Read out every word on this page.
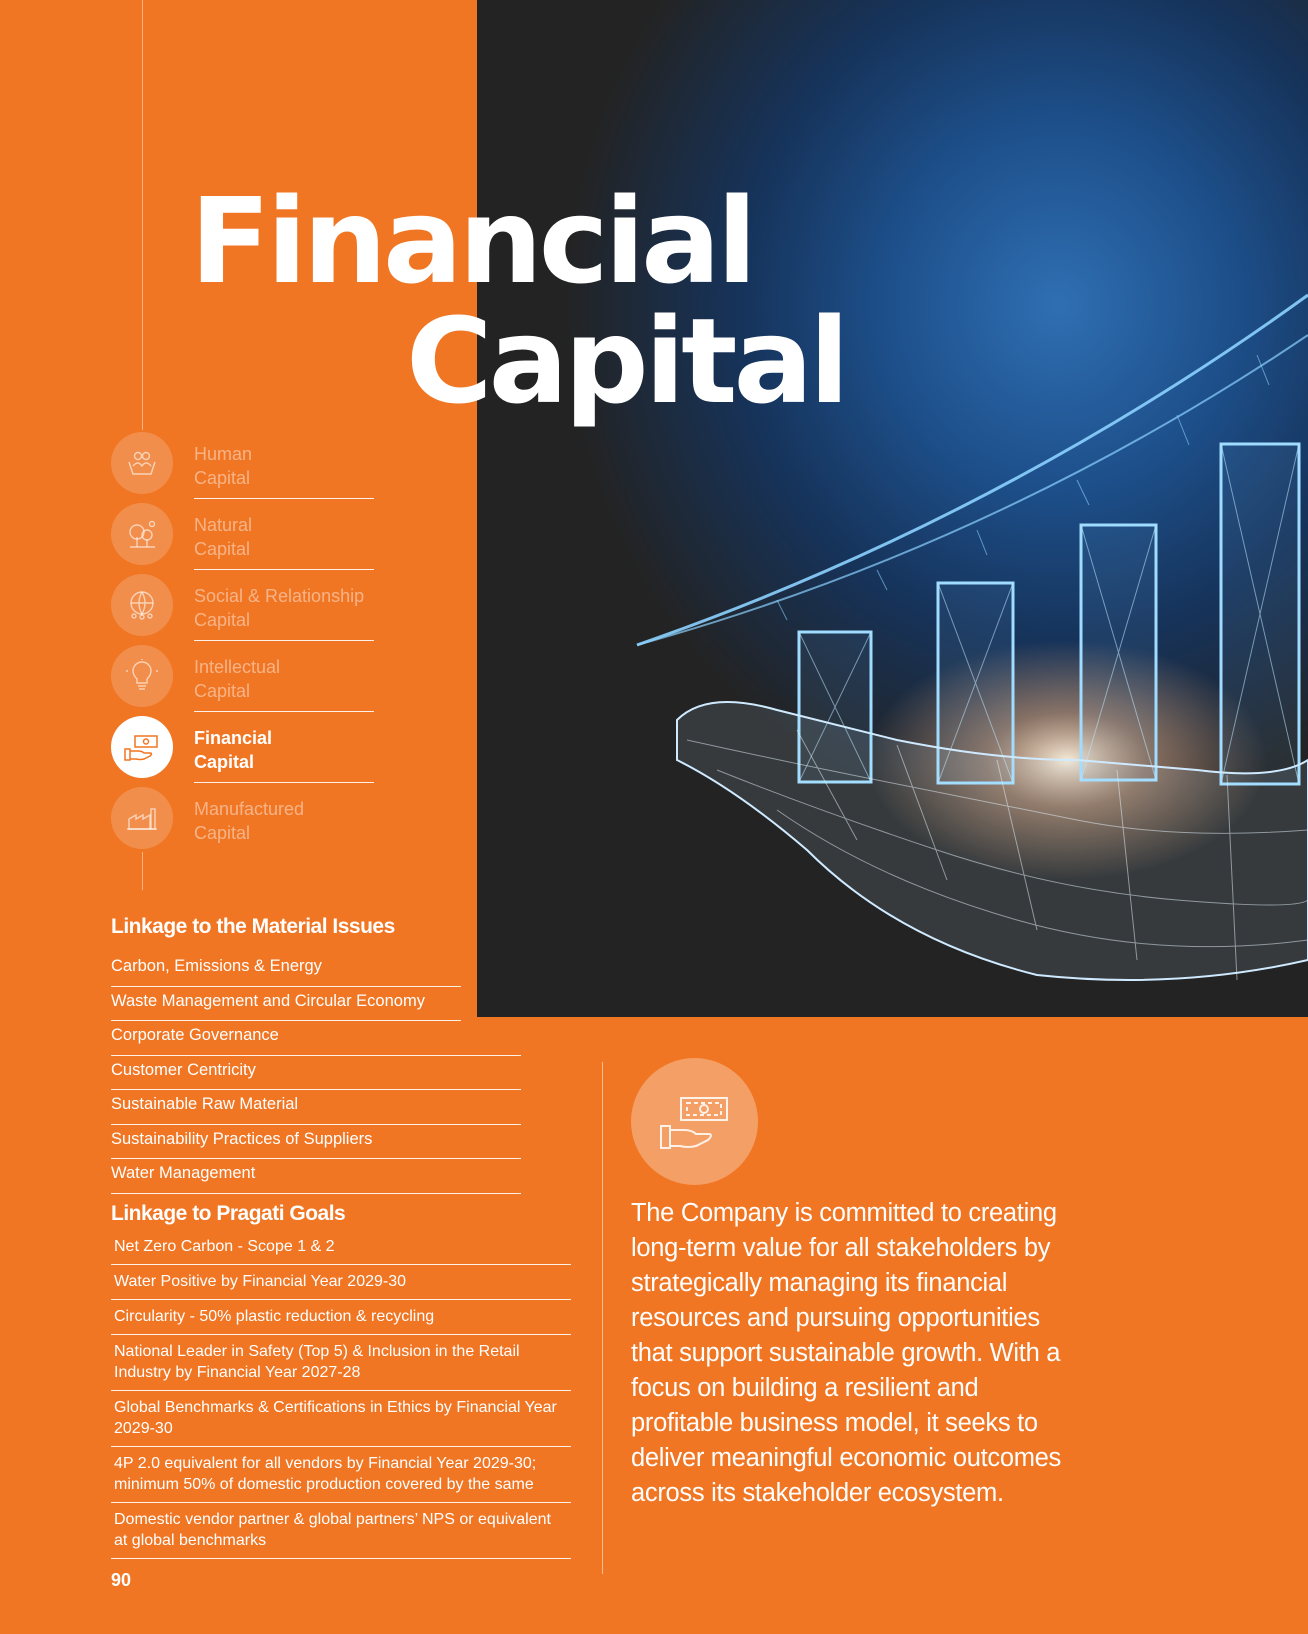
Financial
Capital
Human
Capital
Natural
Capital
Social & Relationship
Capital
Intellectual
Capital
Financial
Capital
Manufactured
Capital
Linkage to the Material Issues
Carbon, Emissions & Energy
Waste Management and Circular Economy
Corporate Governance
Customer Centricity
Sustainable Raw Material
Sustainability Practices of Suppliers
Water Management
Linkage to Pragati Goals
Net Zero Carbon - Scope 1 & 2
Water Positive by Financial Year 2029-30
Circularity - 50% plastic reduction & recycling
National Leader in Safety (Top 5) & Inclusion in the Retail Industry by Financial Year 2027-28
Global Benchmarks & Certifications in Ethics by Financial Year 2029-30
4P 2.0 equivalent for all vendors by Financial Year 2029-30; minimum 50% of domestic production covered by the same
Domestic vendor partner & global partners’ NPS or equivalent at global benchmarks
90
The Company is committed to creating long-term value for all stakeholders by strategically managing its financial resources and pursuing opportunities that support sustainable growth. With a focus on building a resilient and profitable business model, it seeks to deliver meaningful economic outcomes across its stakeholder ecosystem.
